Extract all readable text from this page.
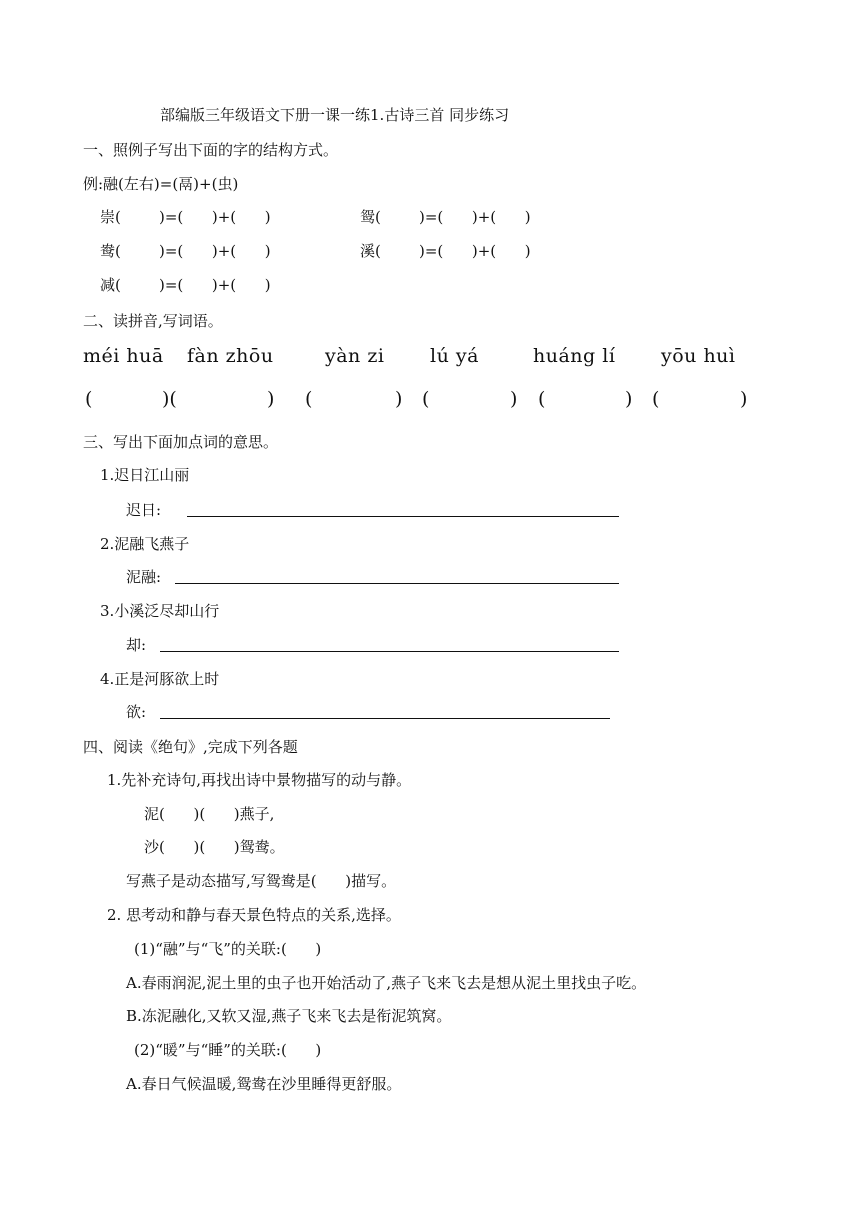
部编版三年级语文下册一课一练1.古诗三首 同步练习
一、照例子写出下面的字的结构方式。
例:融(左右)=(鬲)+(虫)
崇(        )=(      )+(      )	鸳(        )=(      )+(      )
鸯(        )=(      )+(      )	溪(        )=(      )+(      )
减(        )=(      )+(      )
二、读拼音,写词语。
méi huā fàn zhōu	yàn zi lú yá	huáng lí yōu huì
(	)(	) (	) (	) (	) (	)
三、写出下面加点词的意思。
1.迟日江山丽
迟日:
2.泥融飞燕子
泥融:
3.小溪泛尽却山行
却:
4.正是河豚欲上时
欲:
四、阅读《绝句》,完成下列各题
1.先补充诗句,再找出诗中景物描写的动与静。
泥(      )(      )燕子,
沙(      )(      )鸳鸯。
写燕子是动态描写,写鸳鸯是(      )描写。
2. 思考动和静与春天景色特点的关系,选择。
(1)“融”与“飞”的关联:(      )
A.春雨润泥,泥土里的虫子也开始活动了,燕子飞来飞去是想从泥土里找虫子吃。
B.冻泥融化,又软又湿,燕子飞来飞去是衔泥筑窝。
(2)“暖”与“睡”的关联:(      )
A.春日气候温暖,鸳鸯在沙里睡得更舒服。
